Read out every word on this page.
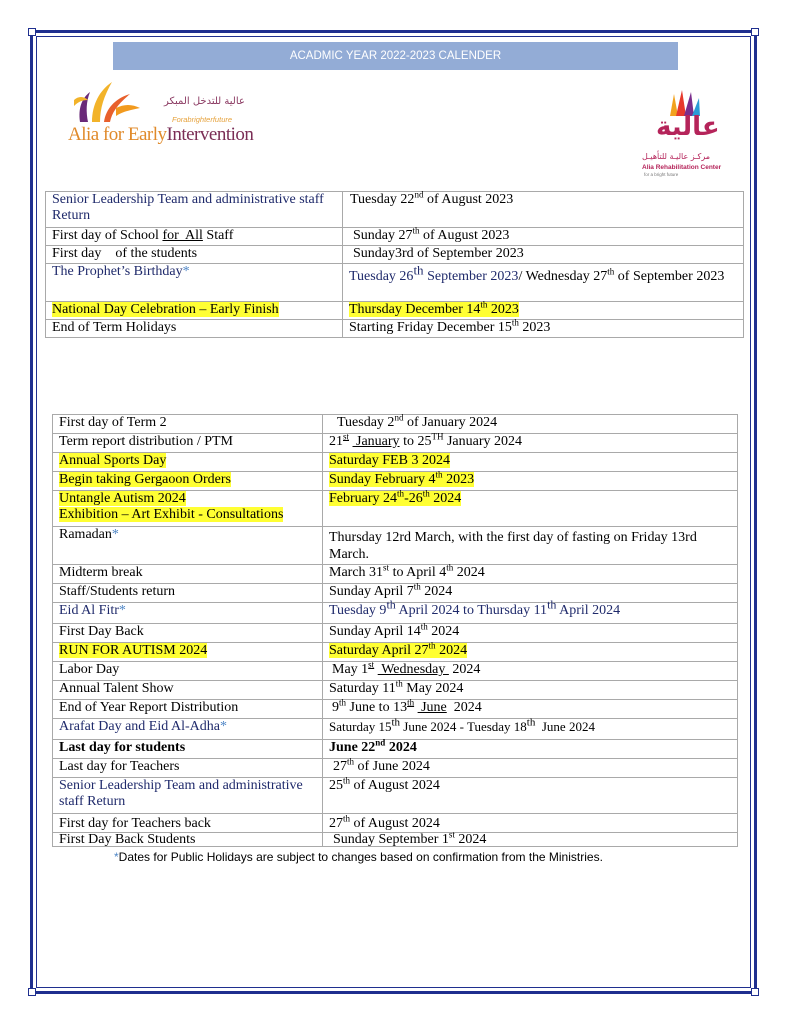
ACADMIC YEAR 2022-2023 CALENDER
عالية للتدخل المبكر
Forabrighterfuture
Alia for EarlyIntervention	عالية
مركـز عاليـة للتأهيـل
Alia Rehabilitation Center
for a bright future
Senior Leadership Team and administrative staff Return	Tuesday 22nd of August 2023
First day of School for  All Staff	Sunday 27th of August 2023
First day    of the students	Sunday3rd of September 2023
The Prophet’s Birthday*	Tuesday 26th September 2023/ Wednesday 27th of September 2023
National Day Celebration – Early Finish	Thursday December 14th 2023
End of Term Holidays	Starting Friday December 15th 2023
First day of Term 2	Tuesday 2nd of January 2024
Term report distribution / PTM	21st  January to 25TH January 2024
Annual Sports Day	Saturday FEB 3 2024
Begin taking Gergaoon Orders	Sunday February 4th 2023
Untangle Autism 2024
Exhibition – Art Exhibit - Consultations	February 24th-26th 2024
Ramadan*	Thursday 12rd March, with the first day of fasting on Friday 13rd March.
Midterm break	March 31st to April 4th 2024
Staff/Students return	Sunday April 7th 2024
Eid Al Fitr*	Tuesday 9th April 2024 to Thursday 11th April 2024
First Day Back	Sunday April 14th 2024
RUN FOR AUTISM 2024	Saturday April 27th 2024
Labor Day	May 1st  Wednesday  2024
Annual Talent Show	Saturday 11th May 2024
End of Year Report Distribution	9th June to 13th  June  2024
Arafat Day and Eid Al-Adha*	Saturday 15th June 2024 - Tuesday 18th  June 2024
Last day for students	June 22nd 2024
Last day for Teachers	27th of June 2024
Senior Leadership Team and administrative staff Return	25th of August 2024
First day for Teachers back	27th of August 2024
First Day Back Students	Sunday September 1st 2024
*Dates for Public Holidays are subject to changes based on confirmation from the Ministries.
